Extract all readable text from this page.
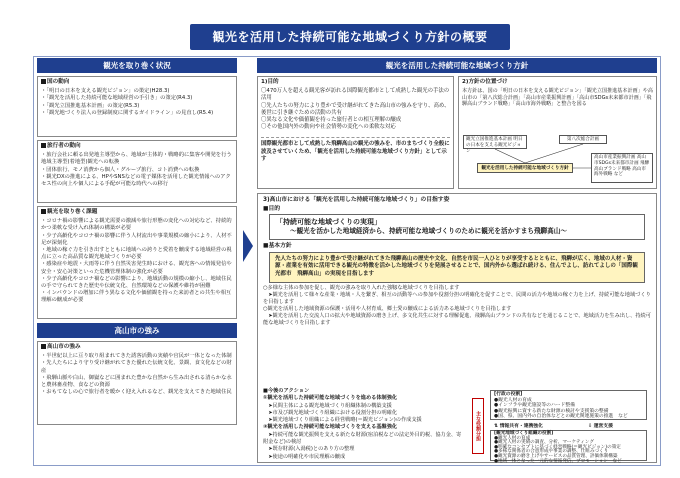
観光を活用した持続可能な地域づくり方針の概要
観光を取り巻く状況
国の動向
・「明日の日本を支える観光ビジョン」の策定(H28.3)
・「観光を活用した持続可能な地域経営の手引き」の策定(R4.3)
・「観光立国推進基本計画」の策定(R5.3)
・「観光地づくり法人の登録制度に関するガイドライン」の見直し(R5.4)
旅行者の動向
・旅行会社に頼る出発地主導型から、地域が主体的・戦略的に集客や開発を行う地域主導型(着地型)観光への転換
・団体旅行、モノ消費から個人・グループ旅行、コト消費への転換
・観光DXの推進による、HPやSNSなどの電子媒体を活用した観光情報へのアクセス性の向上や個人による手配が可能な時代への移行
観光を取り巻く課題
・コロナ禍の影響による観光需要の激減や旅行形態の変化への対応など、持続的かつ柔軟な受け入れ体制の構築が必要
・少子高齢化やコロナ禍の影響に伴う人材流出や事業規模の縮小により、人材不足が深刻化
・地域の稼ぐ力を引き出すとともに地域への誇りと愛着を醸成する地域経営の視点に立った高品質な観光地域づくりが必要
・感染症や地震・大雨等に伴う自然災害発生時における、観光客への情報発信や安全・安心対策といった危機管理体制の強化が必要
・少子高齢化やコロナ禍などの影響により、地域活動の規模の縮小し、地域住民の手で守られてきた歴史や伝統文化、自然環境などの保護や維持が困難
・インバウンドの増加に伴う異なる文化や価値観を持った来訪者との共生や相互理解の醸成が必要
高山市の強み
高山市の強み
・半世紀以上に亘り取り組まれてきた誘客活動の実績や官民が一体となった体制
・先人たちにより守り受け継がれてきた優れた伝統文化、景観、食文化などの財産
・飛騨山脈や白山、御嶽などに囲まれた豊かな自然から生み出される清らかな水と農林畜産物、食などの資源
・おもてなしの心で旅行者を暖かく迎え入れるなど、観光を支えてきた地域住民
観光を活用した持続可能な地域づくり方針
1)目的
〇470万人を超える観光客が訪れる国際観光都市として成熟した観光の手法の活用
〇先人たちの努力により豊かで受け継がれてきた高山市の強みを守り、高め、後世に引き継ぐための活動の共有
〇異なる文化や価値観を持った旅行者との相互理解の醸成
〇その他国内外の動向や社会情勢の変化への柔軟な対応
国際観光都市として成熟した飛騨高山の観光の強みを、市のまちづくり全般に波及させていくため、「観光を活用した持続可能な地域づくり方針」として示す
2)方針の位置づけ
本方針は、国の「明日の日本を支える観光ビジョン」「観光立国推進基本計画」や高山市の「第八次総合計画」「高山市産業振興計画」「高山市SDGs未来都市計画」「飛騨高山ブランド戦略」「高山市海外戦略」と整合を図る
観光立国推進基本計画 明日の日本を支える観光ビジョン
第八次総合計画
観光を活用した持続可能な地域づくり方針
高山市産業振興計画 高山市SDGs未来都市計画 飛騨高山ブランド戦略 高山市海外戦略 など
3)高山市における「観光を活用した持続可能な地域づくり」の目指す姿
■目的
「持続可能な地域づくりの実現」
～観光を活かした地域経済から、持続可能な地域づくりのために観光を活かすまち飛騨高山～
■基本方針
先人たちの努力により豊かで受け継がれてきた飛騨高山の歴史や文化、自然を市民一人ひとりが享受するとともに、飛騨が広く、地域の人材・資源・産業を有効に活用できる観光の特徴を活かした地域づくりを発展させることで、国内外から選ばれ続ける、住んでよし、訪れてよしの「国際観光都市　飛騨高山」の実現を目指します
○多様な主体の参加を促し、観光の強みを取り入れた強靱な地域づくりを目指します
　➤観光を活用して様々な産業・地域・人を繋ぎ、相互の活動等への参加や役割分担の明確化を促すことで、民間の活力や地域の稼ぐ力を上げ、持続可能な地域づくりを目指します
○観光を活用した地域資源の保護・活用や人材育成、郷土愛の醸成による活力ある地域づくりを目指します
　➤観光を活用した交流人口の拡大や地域資源の磨き上げ、多文化共生に対する理解促進、飛騨高山ブランドの共有などを通じることで、地域活力を生み出し、持続可能な地域づくりを目指します
■今後のアクション
①観光を活用した持続可能な地域づくりを進める体制強化
　➤民間主体による観光地域づくり組織体制の構築支援
　➤市及び観光地域づくり組織における役割分担の明確化
　➤観光地域づくり組織による経営戦略(＝観光ビジョン)の作成支援
②観光を活用した持続可能な地域づくりを支える基盤強化
　➤持続可能な観光振興を支える新たな財源(宿泊税などの法定外目的税、協力金、寄附金など)の検討
　➤既存財源(入湯税)とのあり方の整理
　➤使途の明確化や市民理解の醸成
主な役割分担
[行政の役割]
●観光人材の育成
●インフラや観光施設等のハード整備
●観光振興に資する新たな財源の検討や支援策の整備
●国、県、国内外の自治体などとの観光関連施策の推進　など
⇅ 情報共有・連携強化	⇩ 運営支援
[観光地域づくり組織の役割]
●観光人材の育成
●観光人材の実績の調査、分析、マーケティング
●明確なコンセプトに基づく経営戦略(＝観光ビジョン)の策定
●多様な関係者の合意形成や事業の調整、仕組みづくり
●観光資源の磨き上げやサービスの品質管理、評価体制構築
●地域一体となった一元的な情報発信、プロモーション　など
